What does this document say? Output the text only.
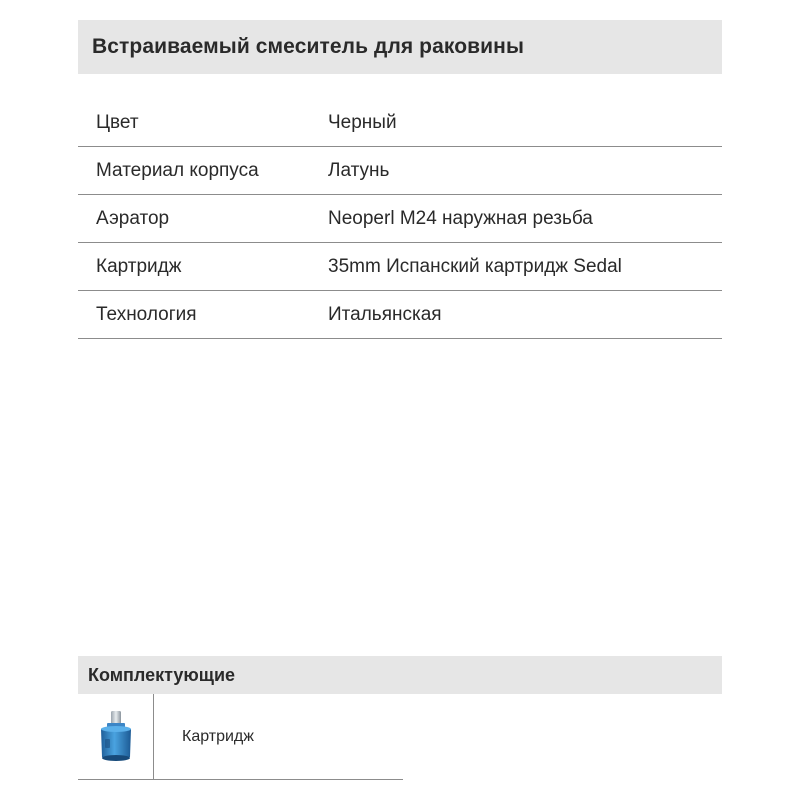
Встраиваемый смеситель для раковины
Цвет	Черный
Материал корпуса	Латунь
Аэратор	Neoperl M24 наружная резьба
Картридж	35mm Испанский картридж Sedal
Технология	Итальянская
Комплектующие
Картридж
